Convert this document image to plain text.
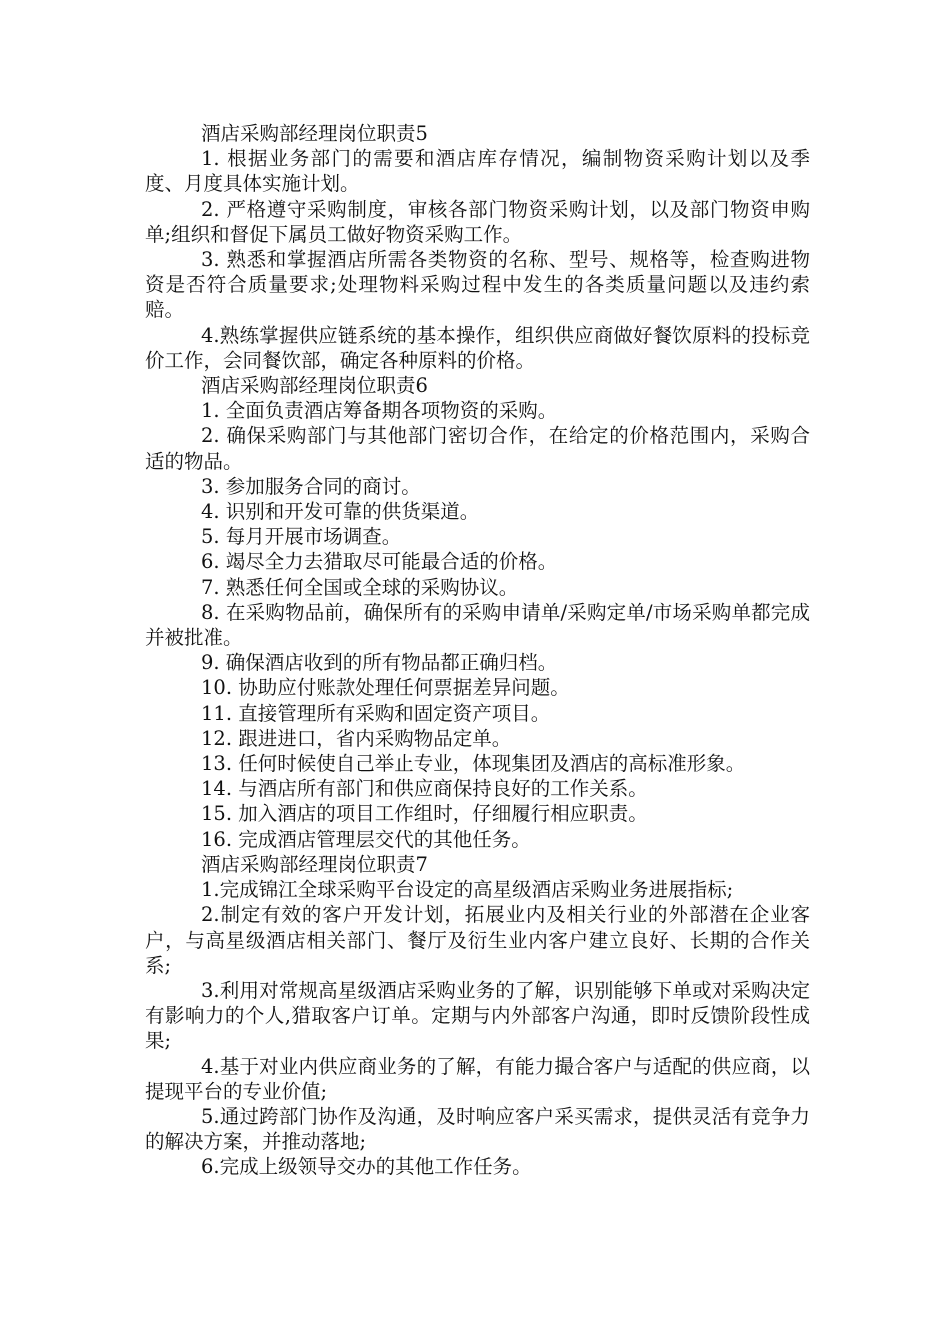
酒店采购部经理岗位职责5

1. 根据业务部门的需要和酒店库存情况，编制物资采购计划以及季度、月度具体实施计划。

2. 严格遵守采购制度，审核各部门物资采购计划，以及部门物资申购单;组织和督促下属员工做好物资采购工作。

3. 熟悉和掌握酒店所需各类物资的名称、型号、规格等，检查购进物资是否符合质量要求;处理物料采购过程中发生的各类质量问题以及违约索赔。

4.熟练掌握供应链系统的基本操作，组织供应商做好餐饮原料的投标竞价工作，会同餐饮部，确定各种原料的价格。

酒店采购部经理岗位职责6

1. 全面负责酒店筹备期各项物资的采购。

2. 确保采购部门与其他部门密切合作，在给定的价格范围内，采购合适的物品。

3. 参加服务合同的商讨。

4. 识别和开发可靠的供货渠道。

5. 每月开展市场调查。

6. 竭尽全力去猎取尽可能最合适的价格。

7. 熟悉任何全国或全球的采购协议。

8. 在采购物品前，确保所有的采购申请单/采购定单/市场采购单都完成并被批准。

9. 确保酒店收到的所有物品都正确归档。

10. 协助应付账款处理任何票据差异问题。

11. 直接管理所有采购和固定资产项目。

12. 跟进进口，省内采购物品定单。

13. 任何时候使自己举止专业，体现集团及酒店的高标准形象。

14. 与酒店所有部门和供应商保持良好的工作关系。

15. 加入酒店的项目工作组时，仔细履行相应职责。

16. 完成酒店管理层交代的其他任务。

酒店采购部经理岗位职责7

1.完成锦江全球采购平台设定的高星级酒店采购业务进展指标;

2.制定有效的客户开发计划，拓展业内及相关行业的外部潜在企业客户，与高星级酒店相关部门、餐厅及衍生业内客户建立良好、长期的合作关系;

3.利用对常规高星级酒店采购业务的了解，识别能够下单或对采购决定有影响力的个人,猎取客户订单。定期与内外部客户沟通，即时反馈阶段性成果;

4.基于对业内供应商业务的了解，有能力撮合客户与适配的供应商，以提现平台的专业价值;

5.通过跨部门协作及沟通，及时响应客户采买需求，提供灵活有竞争力的解决方案，并推动落地;

6.完成上级领导交办的其他工作任务。
